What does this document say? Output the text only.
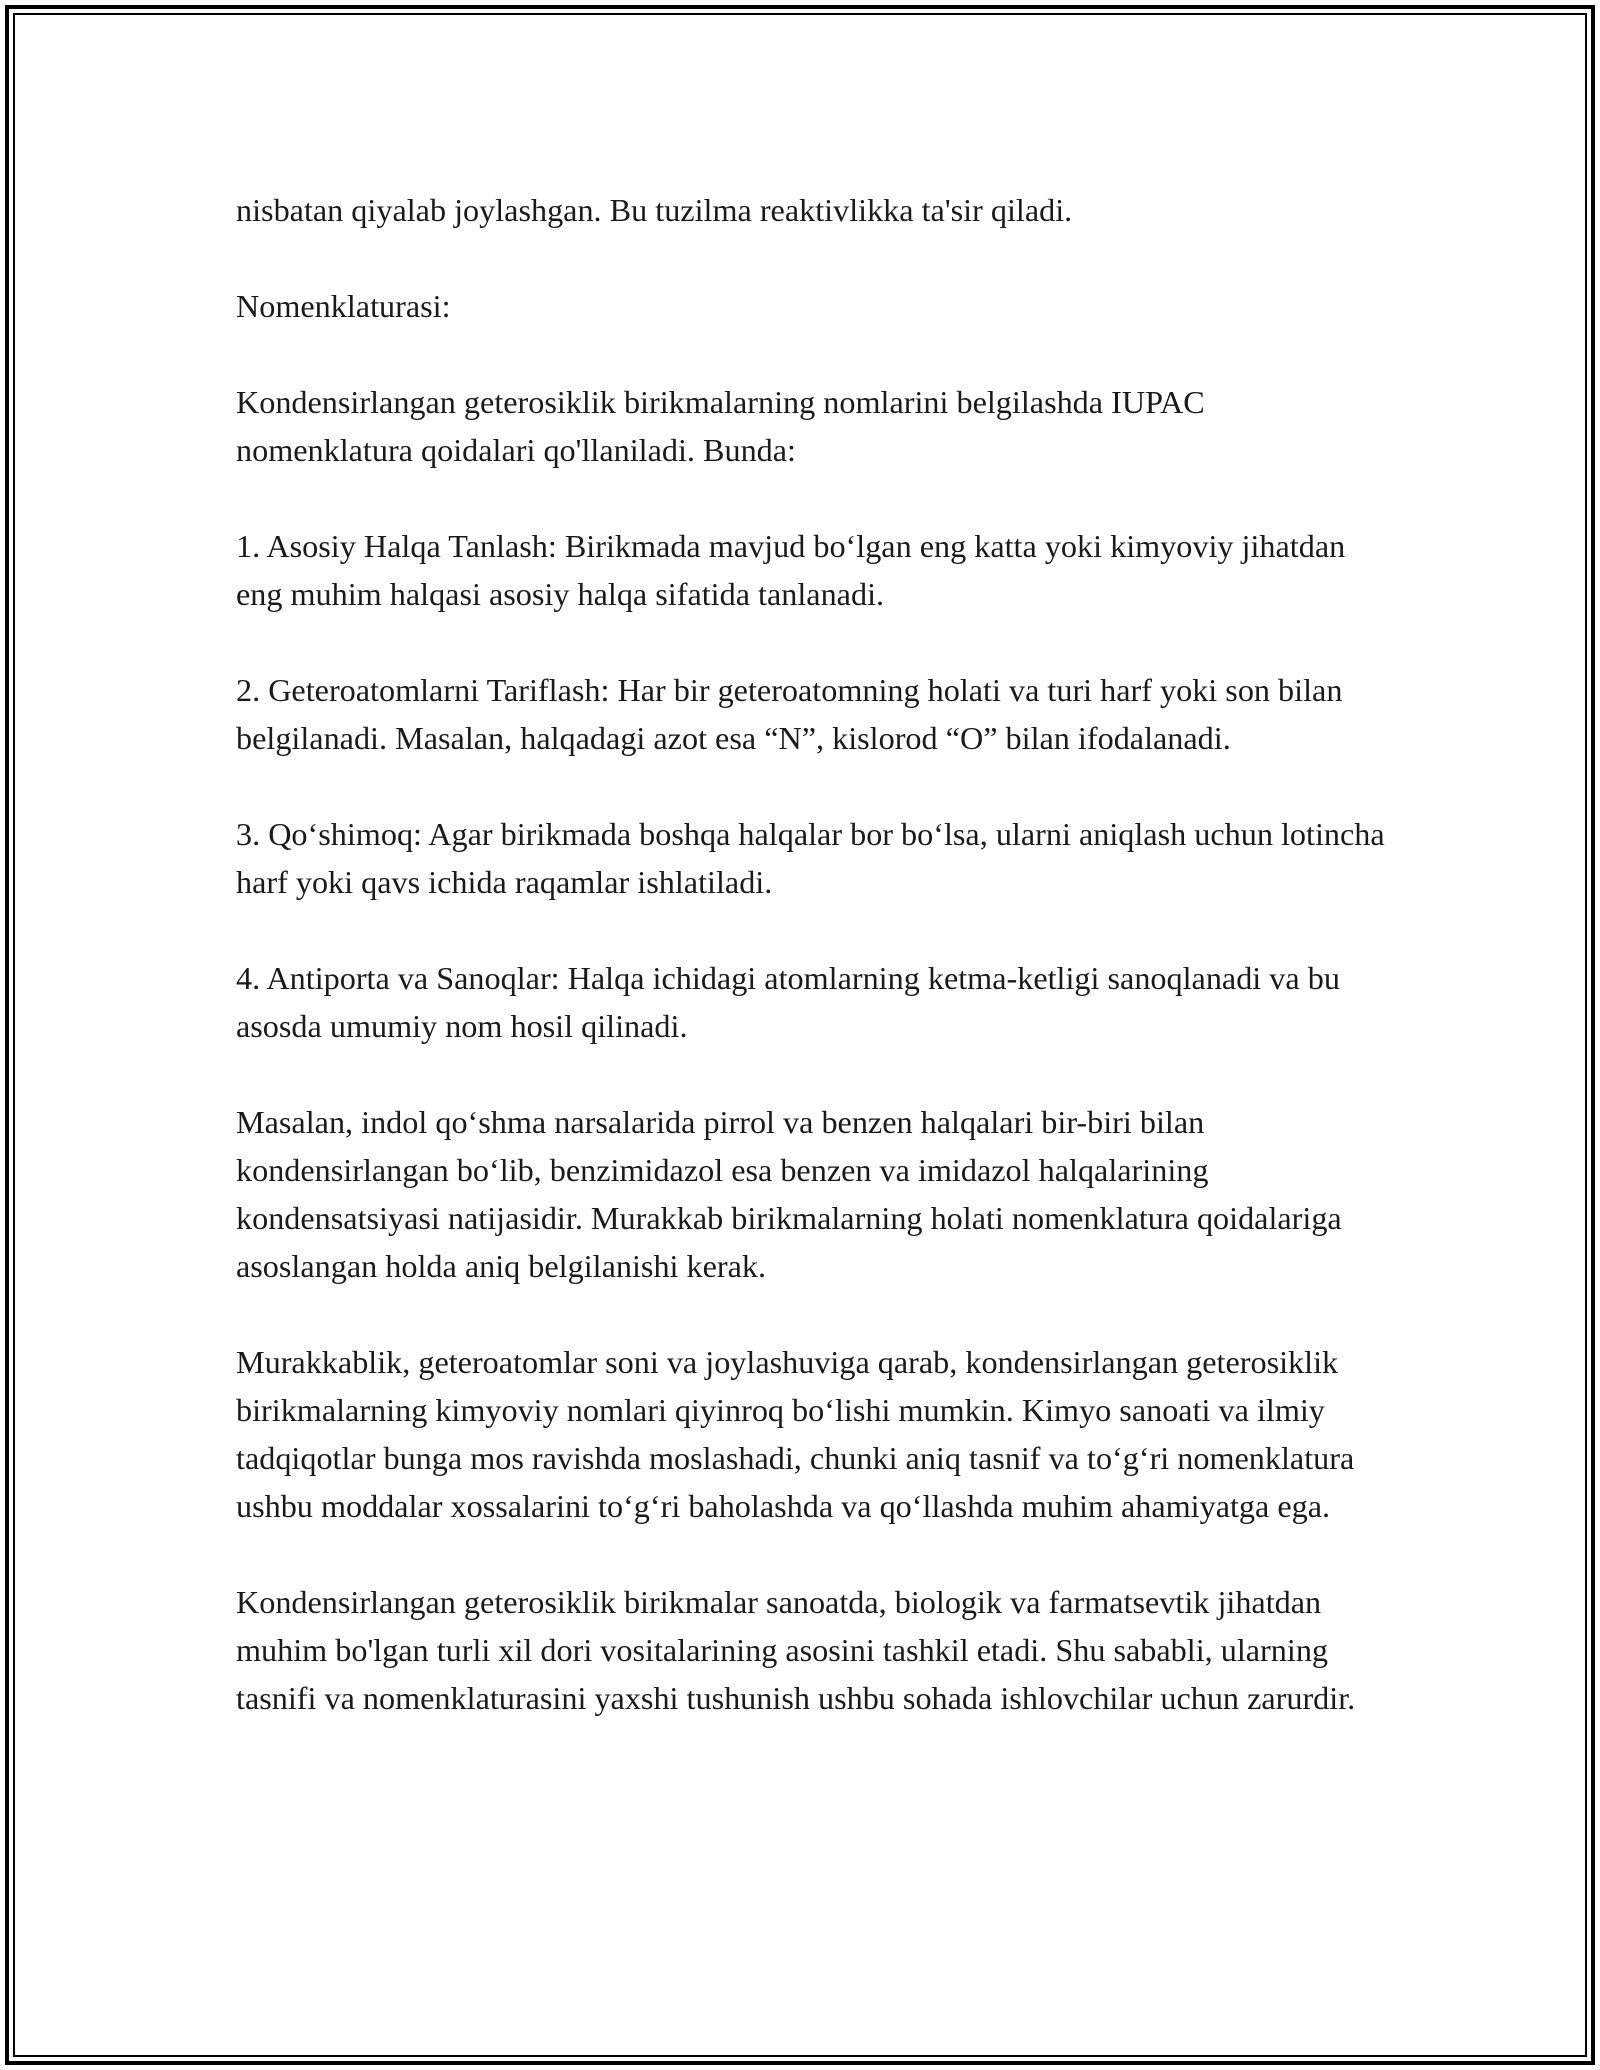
nisbatan qiyalab joylashgan. Bu tuzilma reaktivlikka ta'sir qiladi.

Nomenklaturasi:

Kondensirlangan geterosiklik birikmalarning nomlarini belgilashda IUPAC nomenklatura qoidalari qo'llaniladi. Bunda:

1. Asosiy Halqa Tanlash: Birikmada mavjud bo‘lgan eng katta yoki kimyoviy jihatdan eng muhim halqasi asosiy halqa sifatida tanlanadi.

2. Geteroatomlarni Tariflash: Har bir geteroatomning holati va turi harf yoki son bilan belgilanadi. Masalan, halqadagi azot esa “N”, kislorod “O” bilan ifodalanadi.

3. Qo‘shimoq: Agar birikmada boshqa halqalar bor bo‘lsa, ularni aniqlash uchun lotincha harf yoki qavs ichida raqamlar ishlatiladi.

4. Antiporta va Sanoqlar: Halqa ichidagi atomlarning ketma-ketligi sanoqlanadi va bu asosda umumiy nom hosil qilinadi.

Masalan, indol qo‘shma narsalarida pirrol va benzen halqalari bir-biri bilan kondensirlangan bo‘lib, benzimidazol esa benzen va imidazol halqalarining kondensatsiyasi natijasidir. Murakkab birikmalarning holati nomenklatura qoidalariga asoslangan holda aniq belgilanishi kerak.

Murakkablik, geteroatomlar soni va joylashuviga qarab, kondensirlangan geterosiklik birikmalarning kimyoviy nomlari qiyinroq bo‘lishi mumkin. Kimyo sanoati va ilmiy tadqiqotlar bunga mos ravishda moslashadi, chunki aniq tasnif va to‘g‘ri nomenklatura ushbu moddalar xossalarini to‘g‘ri baholashda va qo‘llashda muhim ahamiyatga ega.

Kondensirlangan geterosiklik birikmalar sanoatda, biologik va farmatsevtik jihatdan muhim bo'lgan turli xil dori vositalarining asosini tashkil etadi. Shu sababli, ularning tasnifi va nomenklaturasini yaxshi tushunish ushbu sohada ishlovchilar uchun zarurdir.
